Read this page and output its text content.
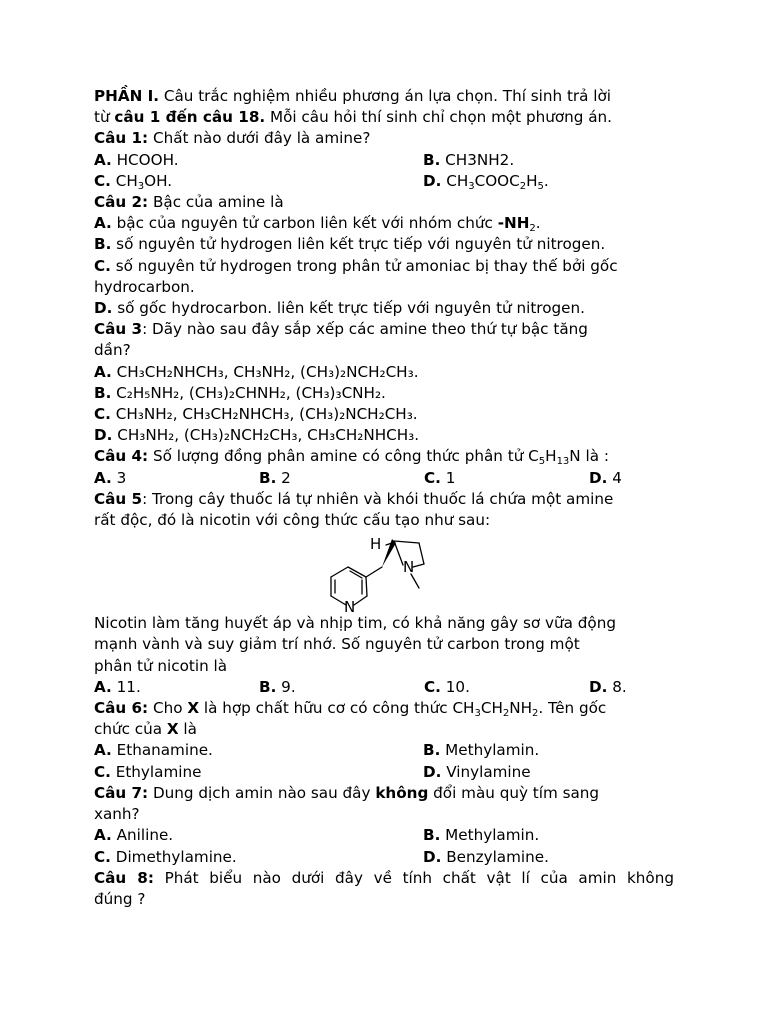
PHẦN I. Câu trắc nghiệm nhiều phương án lựa chọn. Thí sinh trả lời

từ câu 1 đến câu 18. Mỗi câu hỏi thí sinh chỉ chọn một phương án.

Câu 1: Chất nào dưới đây là amine?

A. HCOOH.	B. CH3NH2.
C. $CH_3OH$.	D. $CH_3COOC_2H_5$.

Câu 2: Bậc của amine là

A. bậc của nguyên tử carbon liên kết với nhóm chức $-NH_2$.

B. số nguyên tử hydrogen liên kết trực tiếp với nguyên tử nitrogen.

C. số nguyên tử hydrogen trong phân tử amoniac bị thay thế bởi gốc
hydrocarbon.

D. số gốc hydrocarbon. liên kết trực tiếp với nguyên tử nitrogen.

Câu 3: Dãy nào sau đây sắp xếp các amine theo thứ tự bậc tăng
dần?

A. CH₃CH₂NHCH₃, CH₃NH₂, (CH₃)₂NCH₂CH₃.

B. C₂H₅NH₂, (CH₃)₂CHNH₂, (CH₃)₃CNH₂.

C. CH₃NH₂, CH₃CH₂NHCH₃, (CH₃)₂NCH₂CH₃.

D. CH₃NH₂, (CH₃)₂NCH₂CH₃, CH₃CH₂NHCH₃.

Câu 4: Số lượng đồng phân amine có công thức phân tử $C_5H_{13}N$ là :

A. 3	B. 2	C. 1	D. 4

Câu 5: Trong cây thuốc lá tự nhiên và khói thuốc lá chứa một amine
rất độc, đó là nicotin với công thức cấu tạo như sau:

H
N
N

Nicotin làm tăng huyết áp và nhịp tim, có khả năng gây sơ vữa động
mạnh vành và suy giảm trí nhớ. Số nguyên tử carbon trong một
phân tử nicotin là

A. 11.	B. 9.	C. 10.	D. 8.

Câu 6: Cho X là hợp chất hữu cơ có công thức $CH_3CH_2NH_2$. Tên gốc
chức của X là

A. Ethanamine.	B. Methylamin.
C. Ethylamine	D. Vinylamine

Câu 7: Dung dịch amin nào sau đây không đổi màu quỳ tím sang
xanh?

A. Aniline.	B. Methylamin.
C. Dimethylamine.	D. Benzylamine.

Câu 8: Phát biểu nào dưới đây về tính chất vật lí của amin không

đúng ?
